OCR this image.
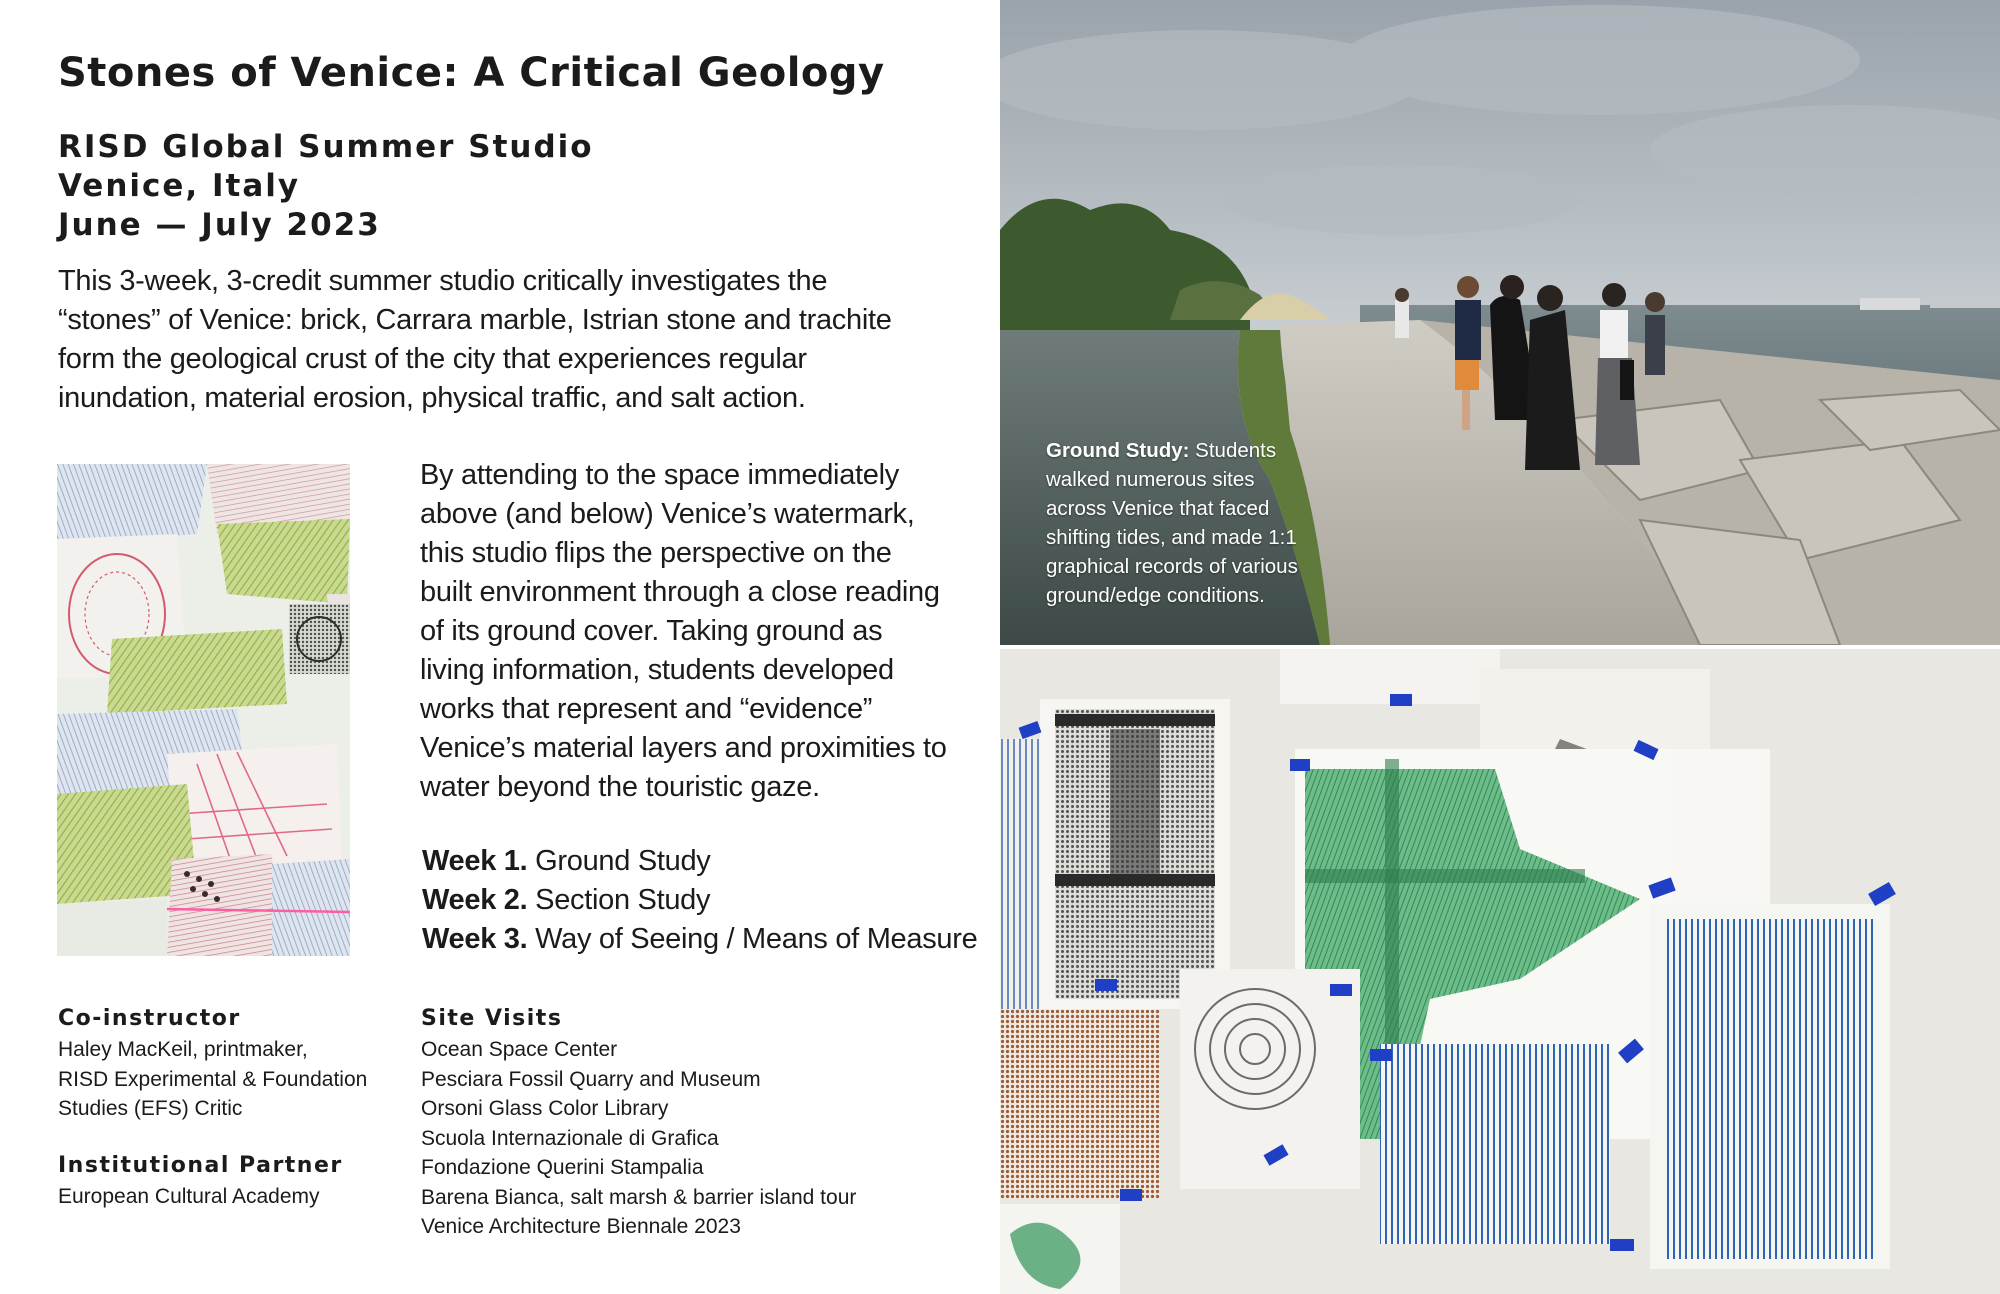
Stones of Venice: A Critical Geology
RISD Global Summer Studio
Venice, Italy
June — July 2023
This 3-week, 3-credit summer studio critically investigates the
“stones” of Venice: brick, Carrara marble, Istrian stone and trachite
form the geological crust of the city that experiences regular
inundation, material erosion, physical traffic, and salt action.
By attending to the space immediately
above (and below) Venice’s watermark,
this studio flips the perspective on the
built environment through a close reading
of its ground cover. Taking ground as
living information, students developed
works that represent and “evidence”
Venice’s material layers and proximities to
water beyond the touristic gaze.
Week 1. Ground Study
Week 2. Section Study
Week 3. Way of Seeing / Means of Measure
Co-instructor
Haley MacKeil, printmaker,
RISD Experimental & Foundation
Studies (EFS) Critic
Institutional Partner
European Cultural Academy
Site Visits
Ocean Space Center
Pesciara Fossil Quarry and Museum
Orsoni Glass Color Library
Scuola Internazionale di Grafica
Fondazione Querini Stampalia
Barena Bianca, salt marsh & barrier island tour
Venice Architecture Biennale 2023
Ground Study: Students
walked numerous sites
across Venice that faced
shifting tides, and made 1:1
graphical records of various
ground/edge conditions.
